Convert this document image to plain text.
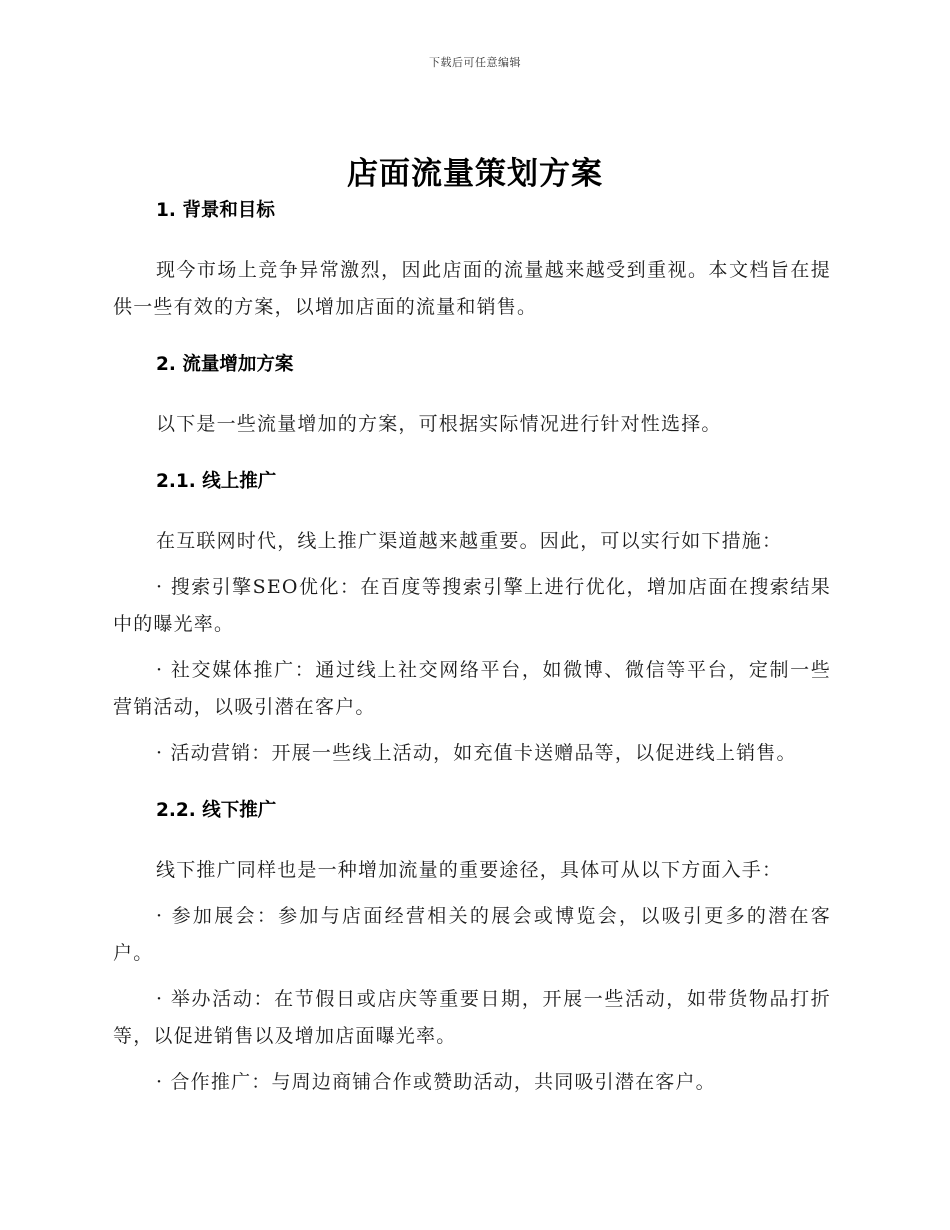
下载后可任意编辑
店面流量策划方案
1. 背景和目标

现今市场上竞争异常激烈，因此店面的流量越来越受到重视。本文档旨在提供一些有效的方案，以增加店面的流量和销售。

2. 流量增加方案

以下是一些流量增加的方案，可根据实际情况进行针对性选择。

2.1. 线上推广

在互联网时代，线上推广渠道越来越重要。因此，可以实行如下措施：

· 搜索引擎SEO优化：在百度等搜索引擎上进行优化，增加店面在搜索结果中的曝光率。

· 社交媒体推广：通过线上社交网络平台，如微博、微信等平台，定制一些营销活动，以吸引潜在客户。

· 活动营销：开展一些线上活动，如充值卡送赠品等，以促进线上销售。

2.2. 线下推广

线下推广同样也是一种增加流量的重要途径，具体可从以下方面入手：

· 参加展会：参加与店面经营相关的展会或博览会，以吸引更多的潜在客户。

· 举办活动：在节假日或店庆等重要日期，开展一些活动，如带货物品打折等，以促进销售以及增加店面曝光率。

· 合作推广：与周边商铺合作或赞助活动，共同吸引潜在客户。
